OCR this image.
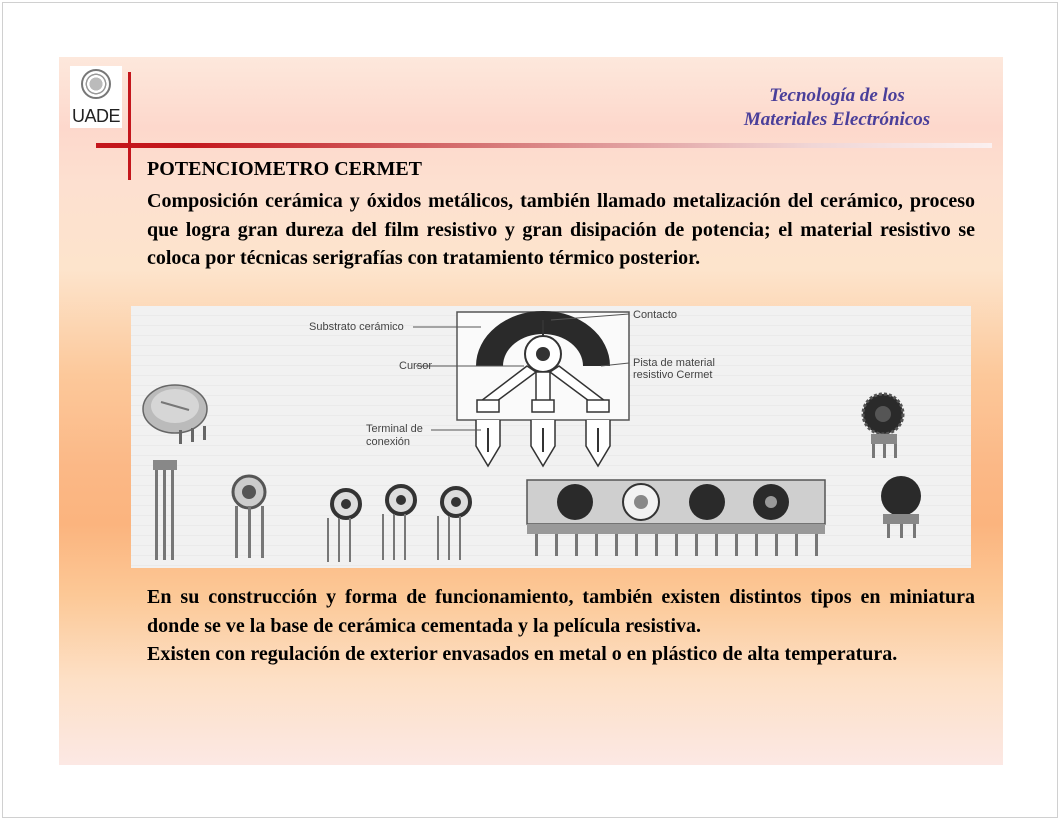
UADE
Tecnología de los
Materiales Electrónicos
POTENCIOMETRO CERMET

Composición cerámica y óxidos metálicos, también llamado metalización del cerámico, proceso que logra gran dureza del film resistivo y gran disipación de potencia; el material resistivo se coloca por técnicas serigrafías con tratamiento térmico posterior.

Substrato cerámico
Cursor
Terminal de
conexión
Contacto
Pista de material
resistivo Cermet
En su construcción y forma de funcionamiento, también existen distintos tipos en miniatura donde se ve la base de cerámica cementada y la película resistiva.
Existen con regulación de exterior envasados en metal o en plástico de alta temperatura.
